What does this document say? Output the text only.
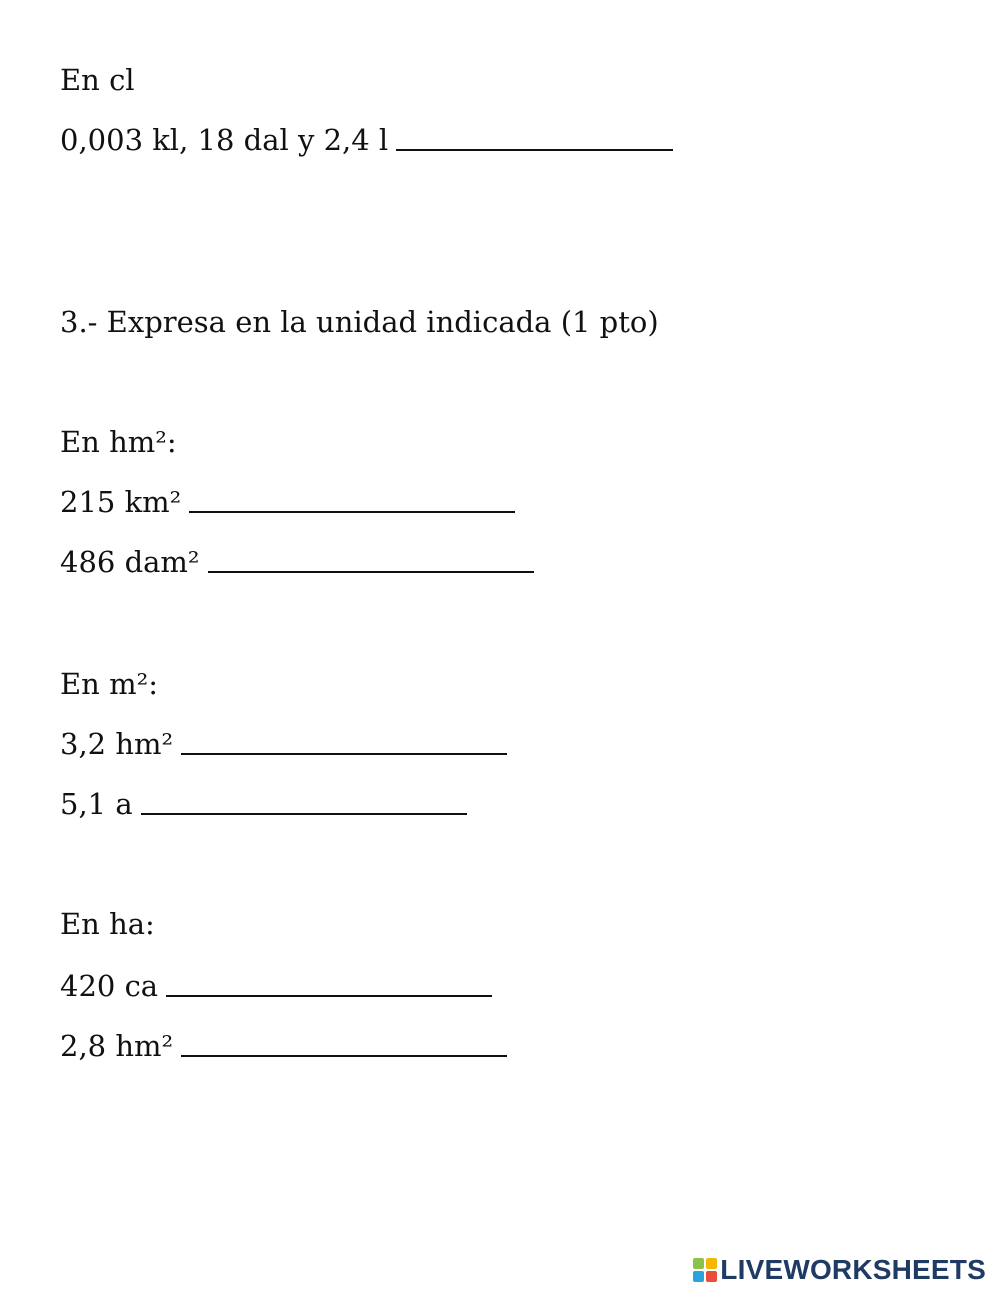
En cl
0,003 kl, 18 dal y 2,4 l
3.- Expresa en la unidad indicada (1 pto)
En hm²:
215 km²
486 dam²
En m²:
3,2 hm²
5,1 a
En ha:
420 ca
2,8 hm²
LIVEWORKSHEETS
